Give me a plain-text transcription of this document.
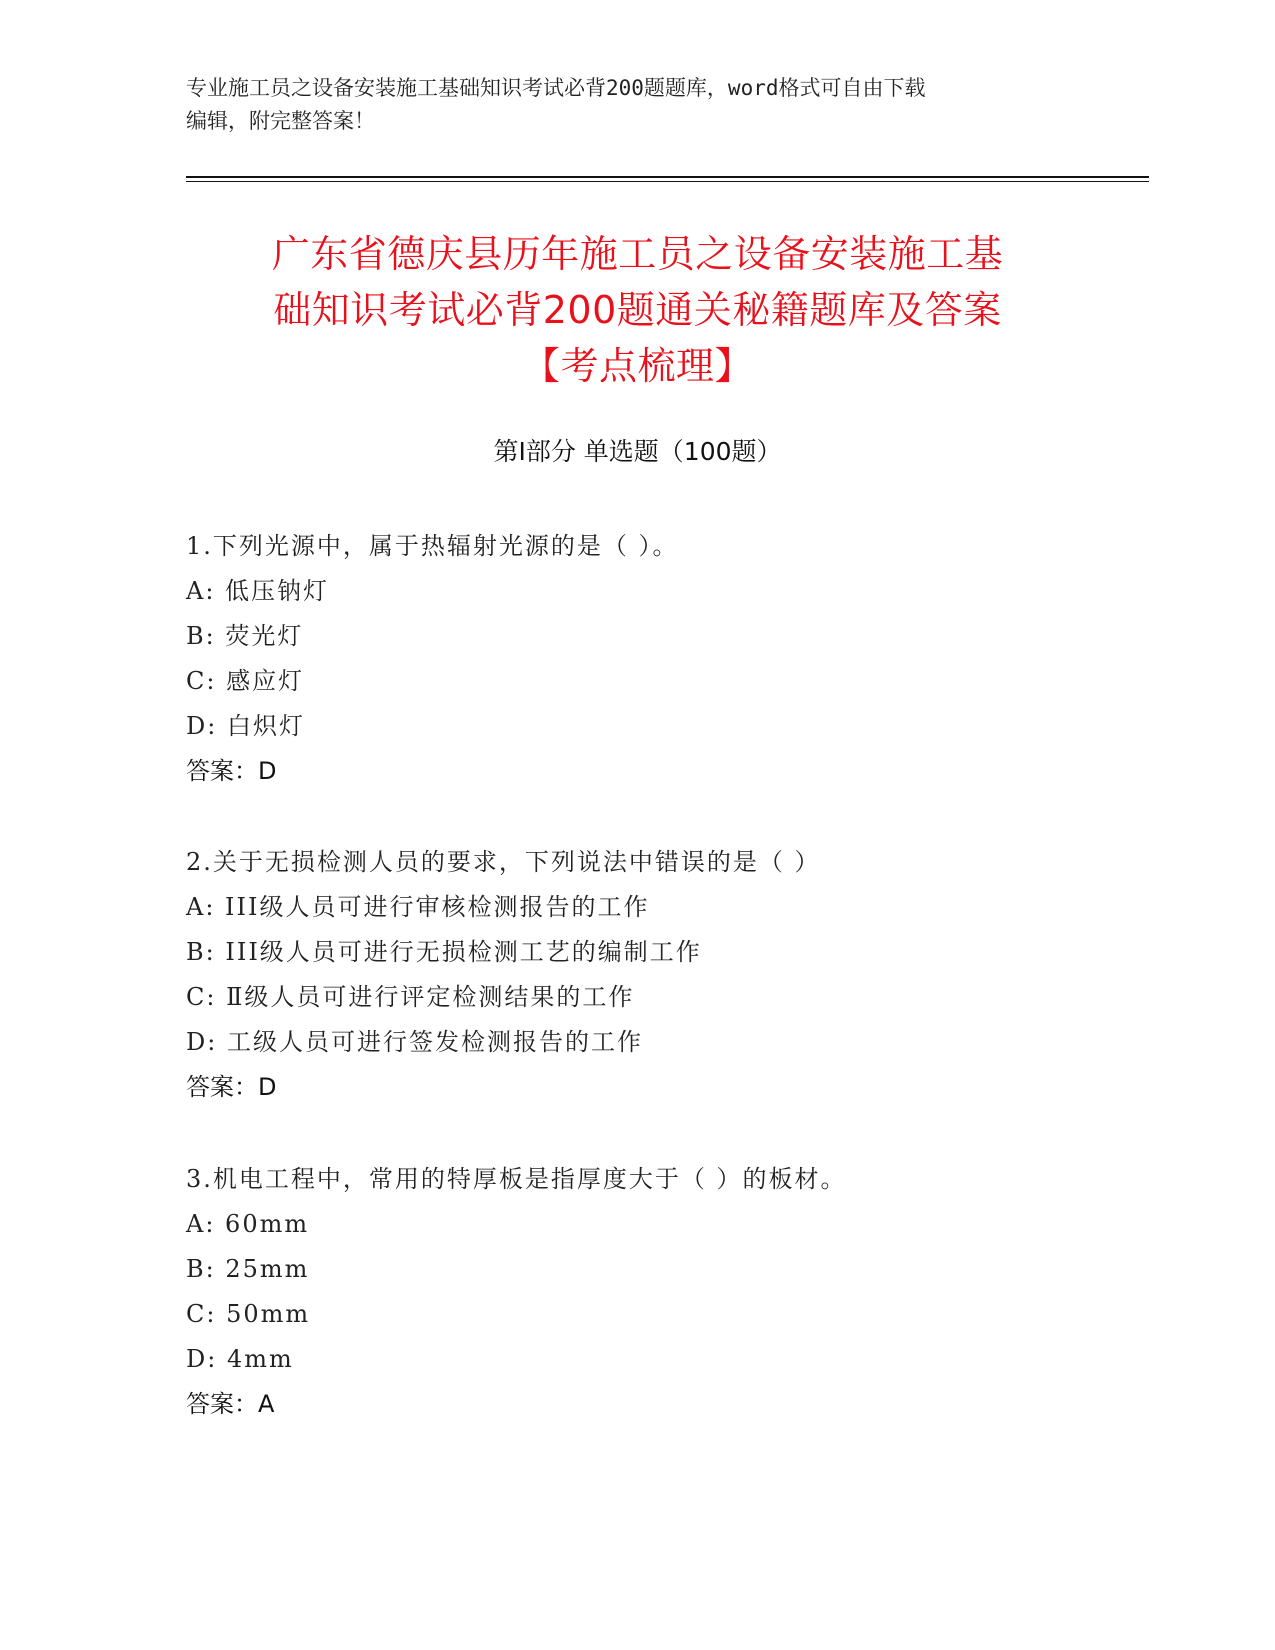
专业施工员之设备安装施工基础知识考试必背200题题库，word格式可自由下载
编辑，附完整答案！
广东省德庆县历年施工员之设备安装施工基
础知识考试必背200题通关秘籍题库及答案
【考点梳理】
第Ⅰ部分 单选题（100题）
1.下列光源中，属于热辐射光源的是（ ）。
A: 低压钠灯
B: 荧光灯
C: 感应灯
D: 白炽灯
答案：D
2.关于无损检测人员的要求，下列说法中错误的是（ ）
A: III级人员可进行审核检测报告的工作
B: III级人员可进行无损检测工艺的编制工作
C: Ⅱ级人员可进行评定检测结果的工作
D: 工级人员可进行签发检测报告的工作
答案：D
3.机电工程中，常用的特厚板是指厚度大于（ ）的板材。
A: 60mm
B: 25mm
C: 50mm
D: 4mm
答案：A
